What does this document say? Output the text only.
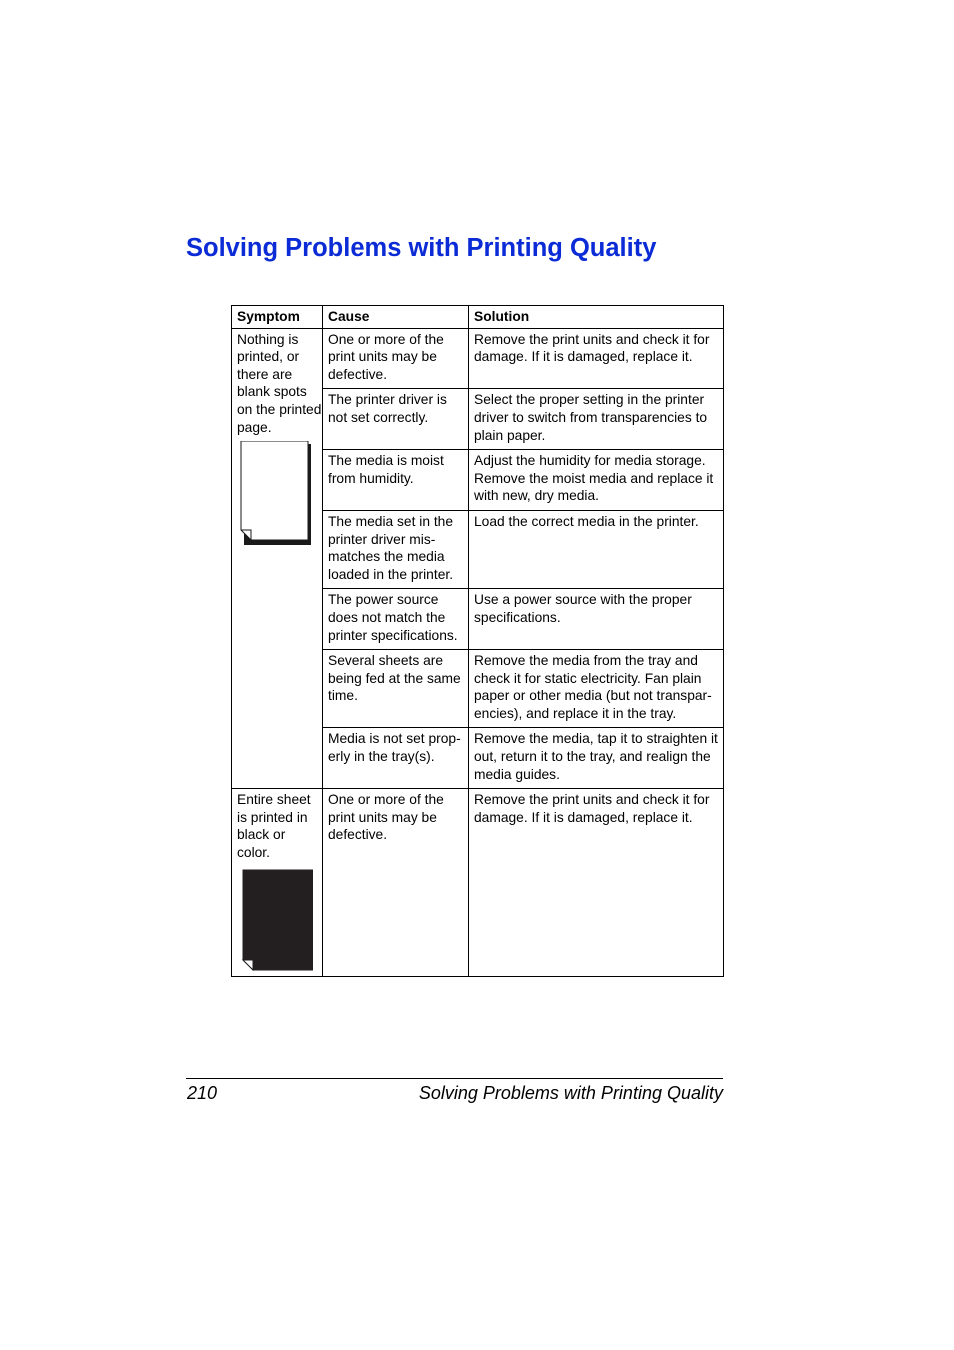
Solving Problems with Printing Quality
Symptom	Cause	Solution

Nothing is printed, or there are blank spots on the printed page.	One or more of the print units may be defective.	Remove the print units and check it for damage. If it is damaged, replace it.
	The printer driver is not set correctly.	Select the proper setting in the printer driver to switch from transparencies to plain paper.
	The media is moist from humidity.	Adjust the humidity for media storage. Remove the moist media and replace it with new, dry media.
	The media set in the printer driver mis-matches the media loaded in the printer.	Load the correct media in the printer.
	The power source does not match the printer specifications.	Use a power source with the proper specifications.
	Several sheets are being fed at the same time.	Remove the media from the tray and check it for static electricity. Fan plain paper or other media (but not transpar-encies), and replace it in the tray.
	Media is not set prop-erly in the tray(s).	Remove the media, tap it to straighten it out, return it to the tray, and realign the media guides.

Entire sheet is printed in black or color.	One or more of the print units may be defective.	Remove the print units and check it for damage. If it is damaged, replace it.
210	Solving Problems with Printing Quality
